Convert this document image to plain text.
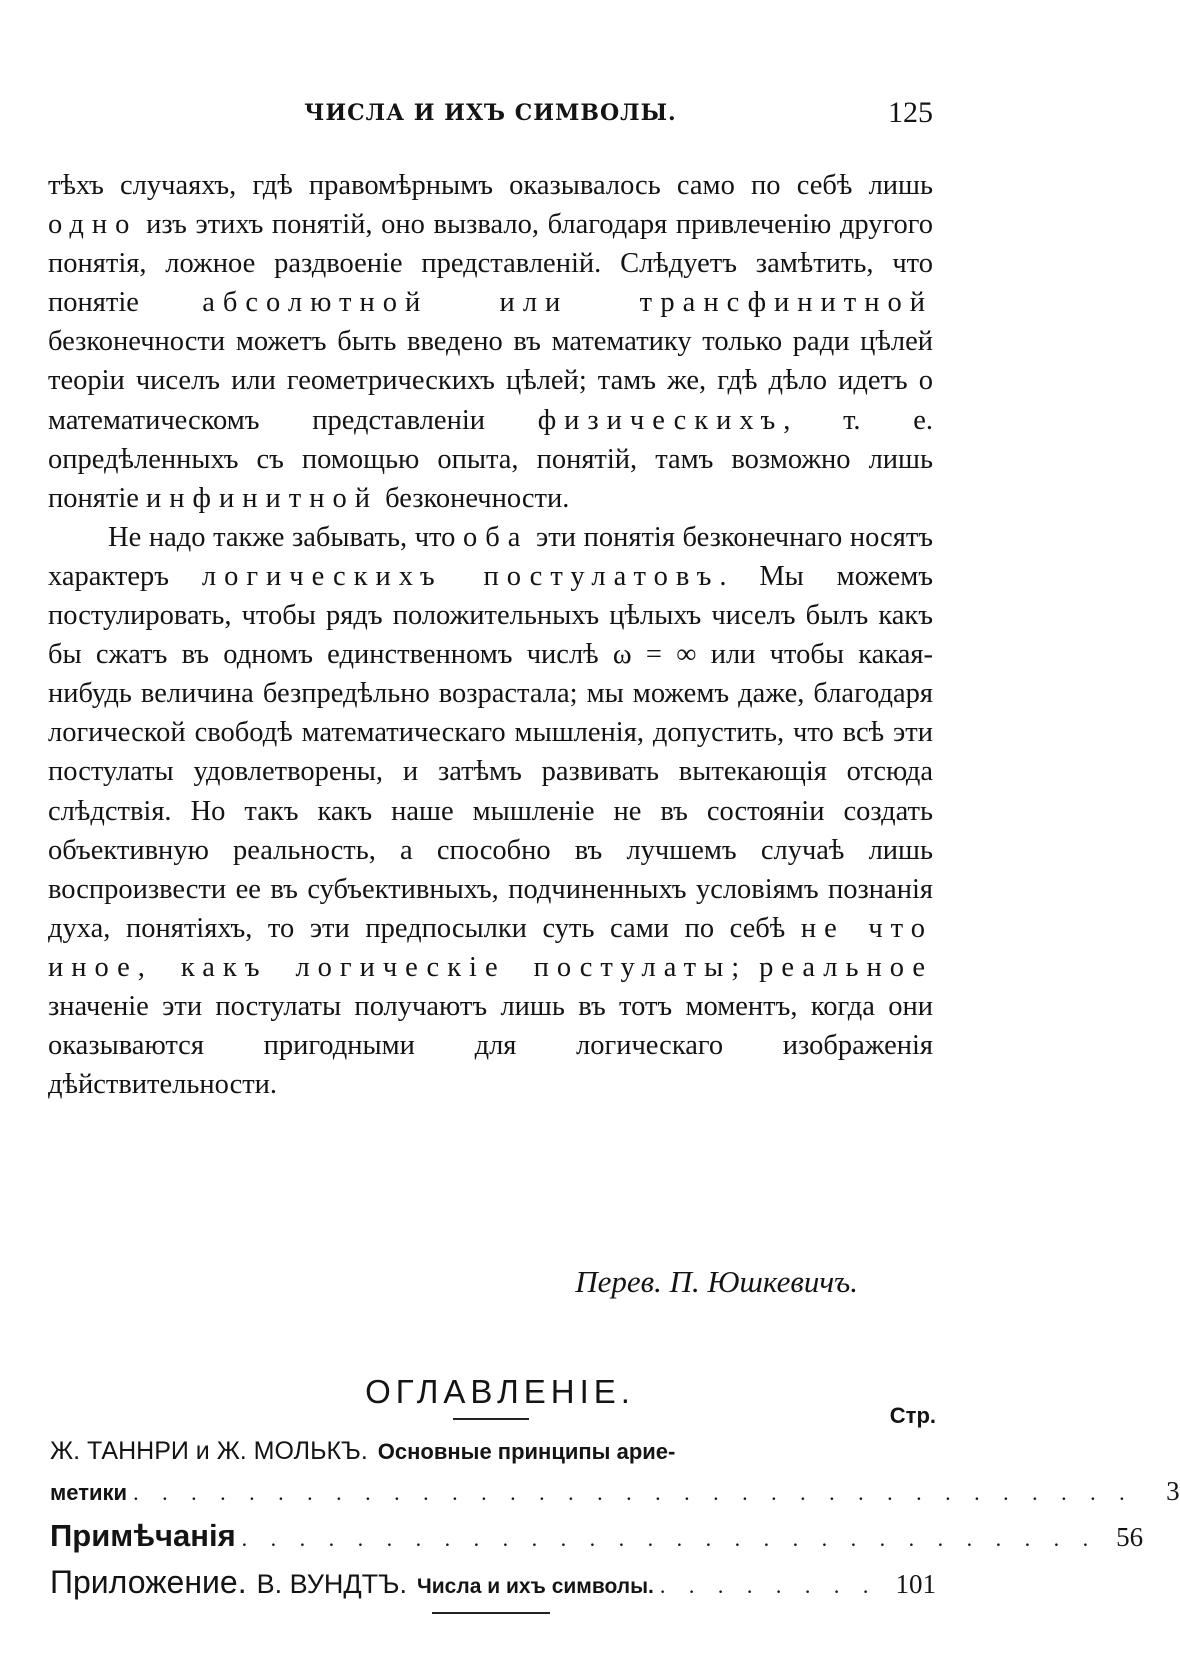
ЧИСЛА И ИХЪ СИМВОЛЫ.	125

тѣхъ случаяхъ, гдѣ правомѣрнымъ оказывалось само по себѣ лишь одно изъ этихъ понятій, оно вызвало, благодаря привлеченію другого понятія, ложное раздвоеніе представленій. Слѣдуетъ замѣтить, что понятіе абсолютной или трансфинитной безконечности можетъ быть введено въ математику только ради цѣлей теоріи чиселъ или геометрическихъ цѣлей; тамъ же, гдѣ дѣло идетъ о математическомъ представленіи физическихъ, т. е. опредѣленныхъ съ помощью опыта, понятій, тамъ возможно лишь понятіе инфинитной безконечности.

Не надо также забывать, что оба эти понятія безконечнаго носятъ характеръ логическихъ постулатовъ. Мы можемъ постулировать, чтобы рядъ положительныхъ цѣлыхъ чиселъ былъ какъ бы сжатъ въ одномъ единственномъ числѣ ω = ∞ или чтобы какая-нибудь величина безпредѣльно возрастала; мы можемъ даже, благодаря логической свободѣ математическаго мышленія, допустить, что всѣ эти постулаты удовлетворены, и затѣмъ развивать вытекающія отсюда слѣдствія. Но такъ какъ наше мышленіе не въ состояніи создать объективную реальность, а способно въ лучшемъ случаѣ лишь воспроизвести ее въ субъективныхъ, подчиненныхъ условіямъ познанія духа, понятіяхъ, то эти предпосылки суть сами по себѣ не что иное, какъ логическіе постулаты; реальное значеніе эти постулаты получаютъ лишь въ тотъ моментъ, когда они оказываются пригодными для логическаго изображенія дѣйствительности.

Перев. П. Юшкевичъ.
ОГЛАВЛЕНІЕ.
Стр.
Примѣчанія . . . . . . . . . . . . . . . . . . . . . . . . . . . . . . 56
Приложение. В. ВУНДТЪ. Числа и ихъ символы. . . . . . . . . 101
Ж. ТАННРИ и Ж. МОЛЬКЪ. Основные принципы арие-
метики . . . . . . . . . . . . . . . . . . . . . . . . . . . . . . . . . . .	3
